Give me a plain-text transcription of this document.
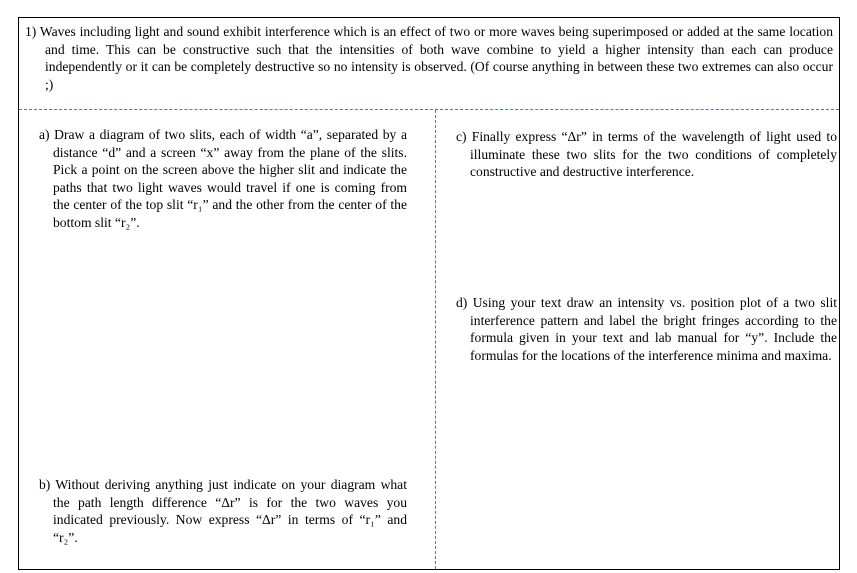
1) Waves including light and sound exhibit interference which is an effect of two or more waves being superimposed or added at the same location and time. This can be constructive such that the intensities of both wave combine to yield a higher intensity than each can produce independently or it can be completely destructive so no intensity is observed. (Of course anything in between these two extremes can also occur ;)
a) Draw a diagram of two slits, each of width “a”, separated by a distance “d” and a screen “x” away from the plane of the slits. Pick a point on the screen above the higher slit and indicate the paths that two light waves would travel if one is coming from the center of the top slit “r₁” and the other from the center of the bottom slit “r₂”.
b) Without deriving anything just indicate on your diagram what the path length difference “Δr” is for the two waves you indicated previously. Now express “Δr” in terms of “r₁” and “r₂”.
c) Finally express “Δr” in terms of the wavelength of light used to illuminate these two slits for the two conditions of completely constructive and destructive interference.
d) Using your text draw an intensity vs. position plot of a two slit interference pattern and label the bright fringes according to the formula given in your text and lab manual for “y”. Include the formulas for the locations of the interference minima and maxima.
